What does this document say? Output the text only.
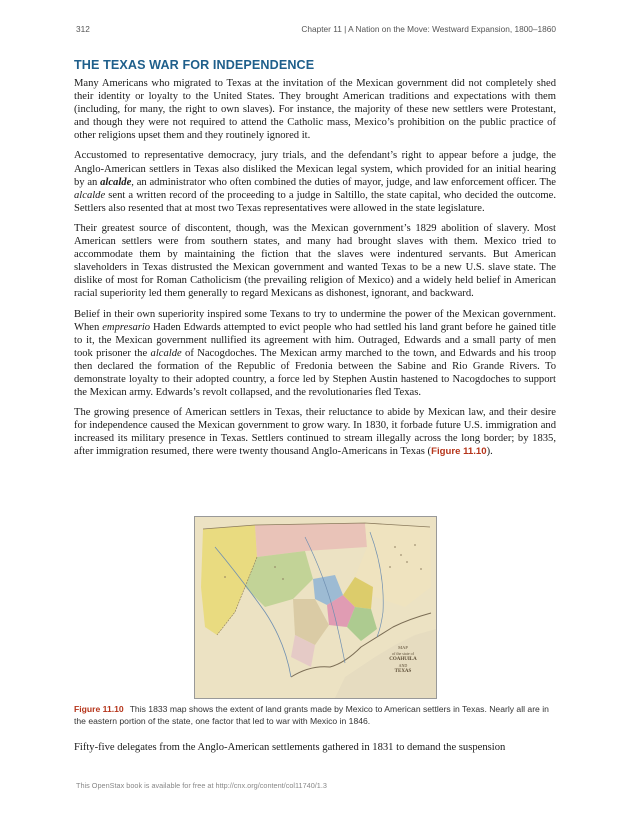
312	Chapter 11 | A Nation on the Move: Westward Expansion, 1800–1860
THE TEXAS WAR FOR INDEPENDENCE

Many Americans who migrated to Texas at the invitation of the Mexican government did not completely shed their identity or loyalty to the United States. They brought American traditions and expectations with them (including, for many, the right to own slaves). For instance, the majority of these new settlers were Protestant, and though they were not required to attend the Catholic mass, Mexico’s prohibition on the public practice of other religions upset them and they routinely ignored it.

Accustomed to representative democracy, jury trials, and the defendant’s right to appear before a judge, the Anglo-American settlers in Texas also disliked the Mexican legal system, which provided for an initial hearing by an alcalde, an administrator who often combined the duties of mayor, judge, and law enforcement officer. The alcalde sent a written record of the proceeding to a judge in Saltillo, the state capital, who decided the outcome. Settlers also resented that at most two Texas representatives were allowed in the state legislature.

Their greatest source of discontent, though, was the Mexican government’s 1829 abolition of slavery. Most American settlers were from southern states, and many had brought slaves with them. Mexico tried to accommodate them by maintaining the fiction that the slaves were indentured servants. But American slaveholders in Texas distrusted the Mexican government and wanted Texas to be a new U.S. slave state. The dislike of most for Roman Catholicism (the prevailing religion of Mexico) and a widely held belief in American racial superiority led them generally to regard Mexicans as dishonest, ignorant, and backward.

Belief in their own superiority inspired some Texans to try to undermine the power of the Mexican government. When empresario Haden Edwards attempted to evict people who had settled his land grant before he gained title to it, the Mexican government nullified its agreement with him. Outraged, Edwards and a small party of men took prisoner the alcalde of Nacogdoches. The Mexican army marched to the town, and Edwards and his troop then declared the formation of the Republic of Fredonia between the Sabine and Rio Grande Rivers. To demonstrate loyalty to their adopted country, a force led by Stephen Austin hastened to Nacogdoches to support the Mexican army. Edwards’s revolt collapsed, and the revolutionaries fled Texas.

The growing presence of American settlers in Texas, their reluctance to abide by Mexican law, and their desire for independence caused the Mexican government to grow wary. In 1830, it forbade future U.S. immigration and increased its military presence in Texas. Settlers continued to stream illegally across the long border; by 1835, after immigration resumed, there were twenty thousand Anglo-Americans in Texas (Figure 11.10).

MAP
of the state of
COAHUILA
AND
TEXAS
Figure 11.10 This 1833 map shows the extent of land grants made by Mexico to American settlers in Texas. Nearly all are in the eastern portion of the state, one factor that led to war with Mexico in 1846.

Fifty-five delegates from the Anglo-American settlements gathered in 1831 to demand the suspension

This OpenStax book is available for free at http://cnx.org/content/col11740/1.3
